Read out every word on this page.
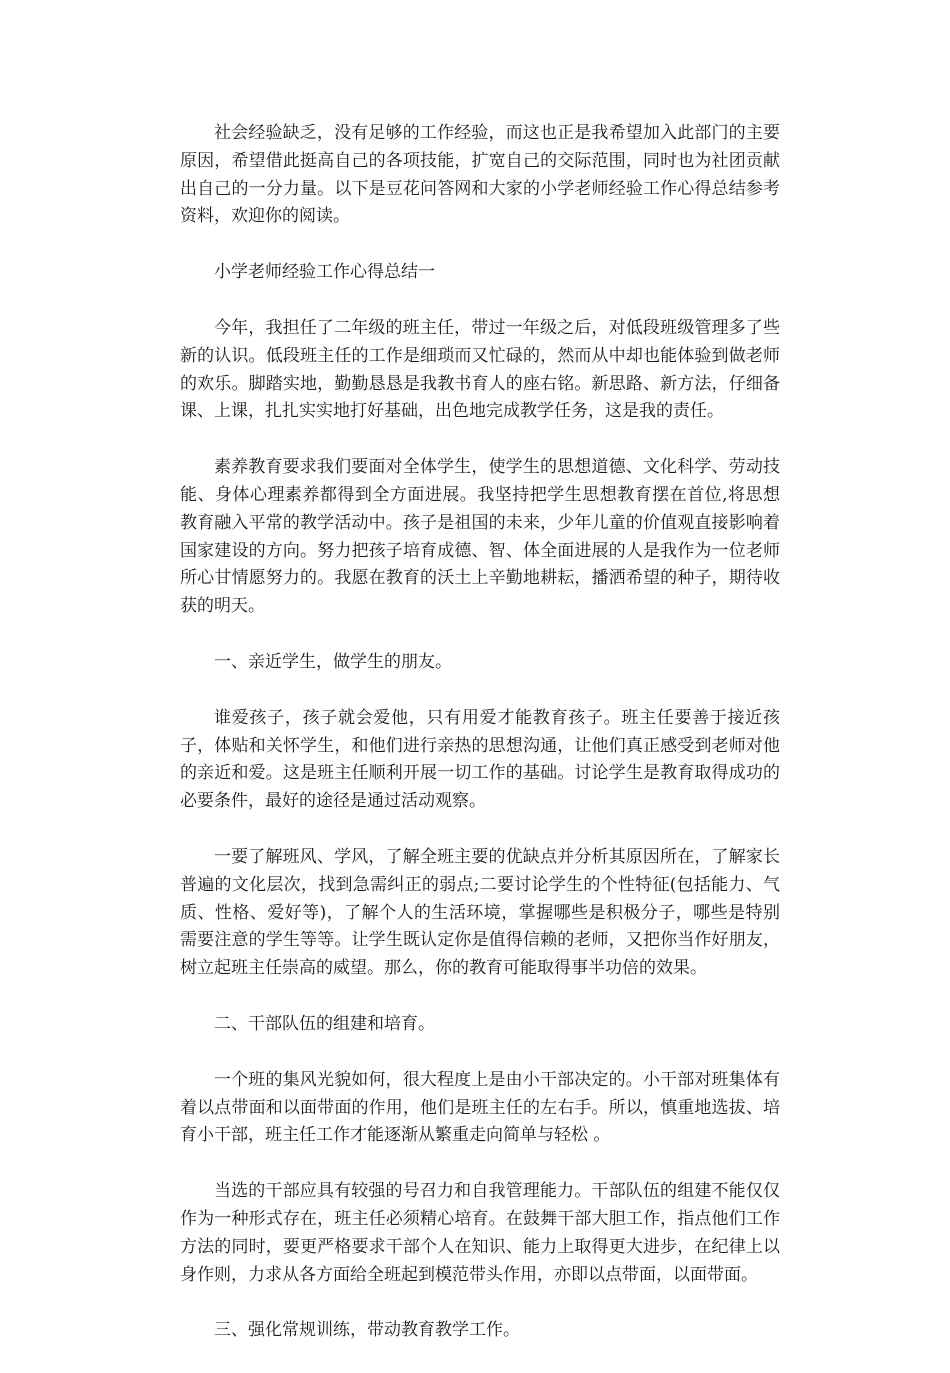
社会经验缺乏，没有足够的工作经验，而这也正是我希望加入此部门的主要原因，希望借此挺高自己的各项技能，扩宽自己的交际范围，同时也为社团贡献出自己的一分力量。以下是豆花问答网和大家的小学老师经验工作心得总结参考资料，欢迎你的阅读。

小学老师经验工作心得总结一

今年，我担任了二年级的班主任，带过一年级之后，对低段班级管理多了些新的认识。低段班主任的工作是细琐而又忙碌的，然而从中却也能体验到做老师的欢乐。脚踏实地，勤勤恳恳是我教书育人的座右铭。新思路、新方法，仔细备课、上课，扎扎实实地打好基础，出色地完成教学任务，这是我的责任。

素养教育要求我们要面对全体学生，使学生的思想道德、文化科学、劳动技能、身体心理素养都得到全方面进展。我坚持把学生思想教育摆在首位,将思想教育融入平常的教学活动中。孩子是祖国的未来，少年儿童的价值观直接影响着国家建设的方向。努力把孩子培育成德、智、体全面进展的人是我作为一位老师所心甘情愿努力的。我愿在教育的沃土上辛勤地耕耘，播洒希望的种子，期待收获的明天。

一、亲近学生，做学生的朋友。

谁爱孩子，孩子就会爱他，只有用爱才能教育孩子。班主任要善于接近孩子，体贴和关怀学生，和他们进行亲热的思想沟通，让他们真正感受到老师对他的亲近和爱。这是班主任顺利开展一切工作的基础。讨论学生是教育取得成功的必要条件，最好的途径是通过活动观察。

一要了解班风、学风，了解全班主要的优缺点并分析其原因所在，了解家长普遍的文化层次，找到急需纠正的弱点;二要讨论学生的个性特征(包括能力、气质、性格、爱好等)，了解个人的生活环境，掌握哪些是积极分子，哪些是特别需要注意的学生等等。让学生既认定你是值得信赖的老师，又把你当作好朋友，树立起班主任崇高的威望。那么，你的教育可能取得事半功倍的效果。

二、干部队伍的组建和培育。

一个班的集风光貌如何，很大程度上是由小干部决定的。小干部对班集体有着以点带面和以面带面的作用，他们是班主任的左右手。所以，慎重地选拔、培育小干部，班主任工作才能逐渐从繁重走向简单与轻松 。

当选的干部应具有较强的号召力和自我管理能力。干部队伍的组建不能仅仅作为一种形式存在，班主任必须精心培育。在鼓舞干部大胆工作，指点他们工作方法的同时，要更严格要求干部个人在知识、能力上取得更大进步，在纪律上以身作则，力求从各方面给全班起到模范带头作用，亦即以点带面，以面带面。

三、强化常规训练，带动教育教学工作。
